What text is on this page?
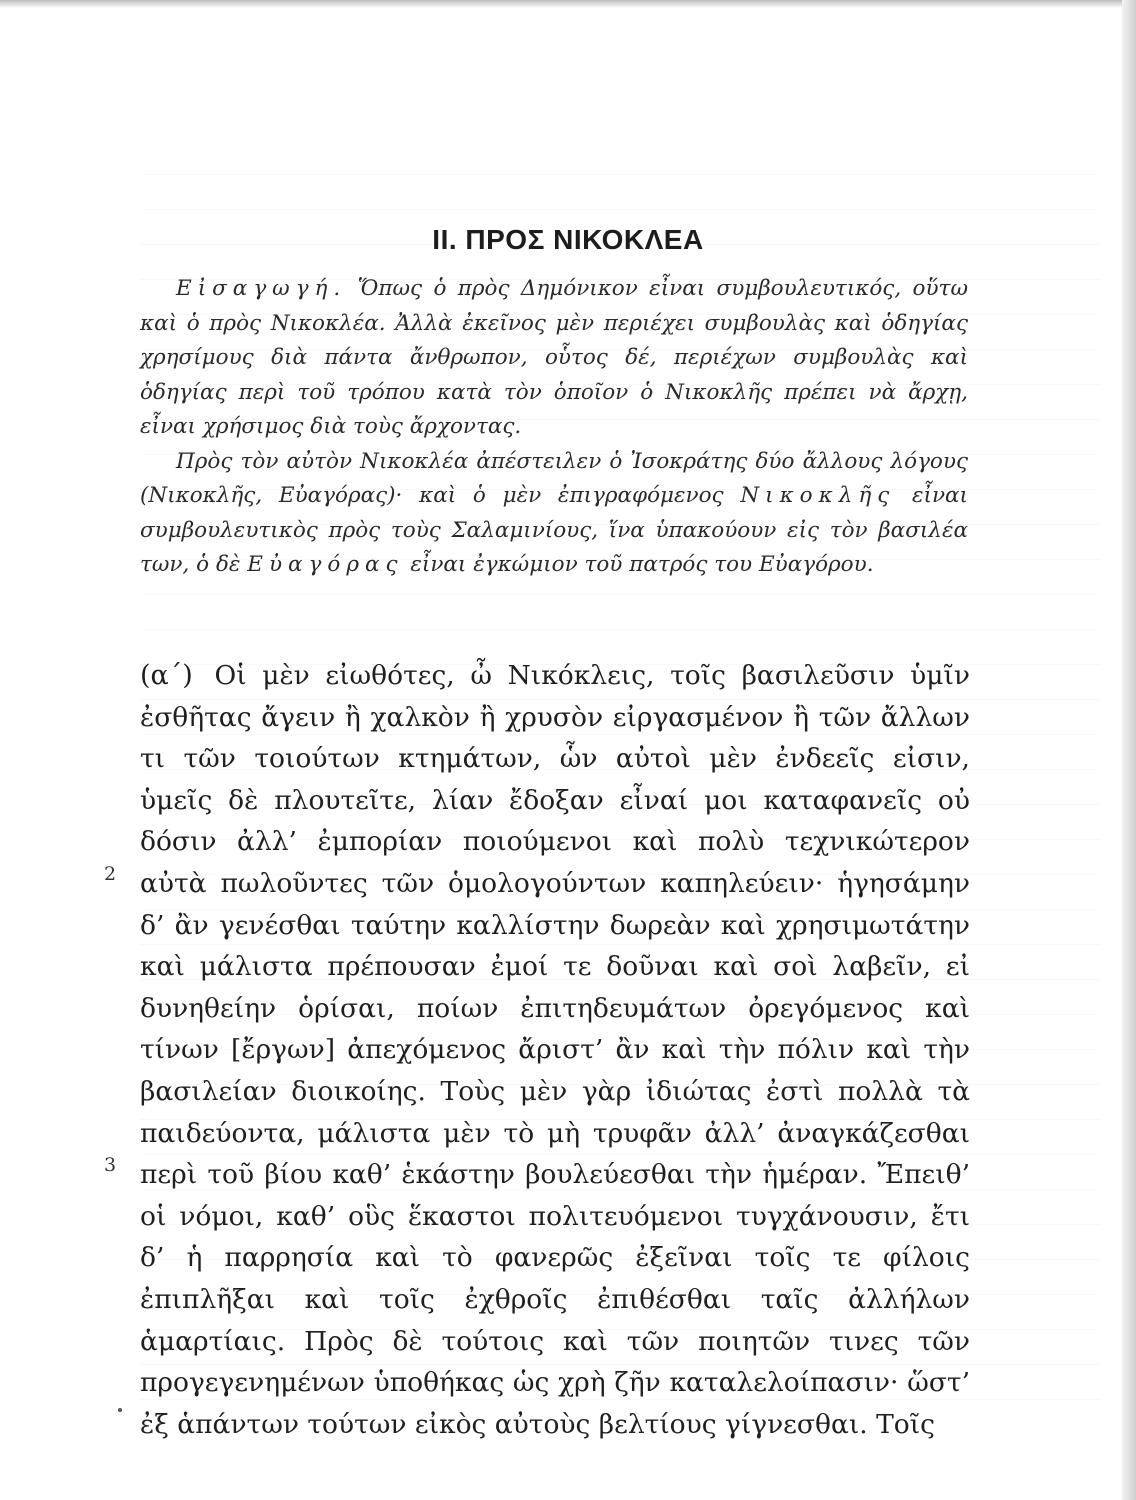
II. ΠΡΟΣ ΝΙΚΟΚΛΕΑ

Εἰσαγωγή. Ὅπως ὁ πρὸς Δημόνικον εἶναι συμβουλευτικός, οὕτω καὶ ὁ πρὸς Νικοκλέα. Ἀλλὰ ἐκεῖνος μὲν περιέχει συμβουλὰς καὶ ὁδηγίας χρησίμους διὰ πάντα ἄνθρωπον, οὗτος δέ, περιέχων συμβουλὰς καὶ ὁδηγίας περὶ τοῦ τρόπου κατὰ τὸν ὁποῖον ὁ Νικοκλῆς πρέπει νὰ ἄρχῃ, εἶναι χρήσιμος διὰ τοὺς ἄρχοντας.

Πρὸς τὸν αὐτὸν Νικοκλέα ἀπέστειλεν ὁ Ἰσοκράτης δύο ἄλλους λόγους (Νικοκλῆς, Εὐαγόρας)· καὶ ὁ μὲν ἐπιγραφόμενος Νικοκλῆς εἶναι συμβουλευτικὸς πρὸς τοὺς Σαλαμινίους, ἵνα ὑπακούουν εἰς τὸν βασιλέα των, ὁ δὲ Εὐαγόρας εἶναι ἐγκώμιον τοῦ πατρός του Εὐαγόρου.

(α΄) Οἱ μὲν εἰωθότες, ὦ Νικόκλεις, τοῖς βασιλεῦσιν ὑμῖν ἐσθῆτας ἄγειν ἢ χαλκὸν ἢ χρυσὸν εἰργασμένον ἢ τῶν ἄλλων τι τῶν τοιούτων κτημάτων, ὧν αὐτοὶ μὲν ἐνδεεῖς εἰσιν, ὑμεῖς δὲ πλουτεῖτε, λίαν ἔδοξαν εἶναί μοι καταφανεῖς οὐ δόσιν ἀλλ’ ἐμπορίαν ποιούμενοι καὶ πολὺ τεχνικώτερον αὐτὰ πωλοῦντες τῶν ὁμολογούντων καπηλεύειν· ἡγησάμην δ’ ἂν γενέσθαι ταύτην καλλίστην δωρεὰν καὶ χρησιμωτάτην καὶ μάλιστα πρέπουσαν ἐμοί τε δοῦναι καὶ σοὶ λαβεῖν, εἰ δυνηθείην ὁρίσαι, ποίων ἐπιτηδευμάτων ὀρεγόμενος καὶ τίνων [ἔργων] ἀπεχόμενος ἄριστ’ ἂν καὶ τὴν πόλιν καὶ τὴν βασιλείαν διοικοίης. Τοὺς μὲν γὰρ ἰδιώτας ἐστὶ πολλὰ τὰ παιδεύοντα, μάλιστα μὲν τὸ μὴ τρυφᾶν ἀλλ’ ἀναγκάζεσθαι περὶ τοῦ βίου καθ’ ἑκάστην βουλεύεσθαι τὴν ἡμέραν. Ἔπειθ’ οἱ νόμοι, καθ’ οὓς ἕκαστοι πολιτευόμενοι τυγχάνουσιν, ἔτι δ’ ἡ παρρησία καὶ τὸ φανερῶς ἐξεῖναι τοῖς τε φίλοις ἐπιπλῆξαι καὶ τοῖς ἐχθροῖς ἐπιθέσθαι ταῖς ἀλλήλων ἁμαρτίαις. Πρὸς δὲ τούτοις καὶ τῶν ποιητῶν τινες τῶν προγεγενημένων ὑποθήκας ὡς χρὴ ζῆν καταλελοίπασιν· ὥστ’ ἐξ ἁπάντων τούτων εἰκὸς αὐτοὺς βελτίους γίγνεσθαι. Τοῖς

2
3
